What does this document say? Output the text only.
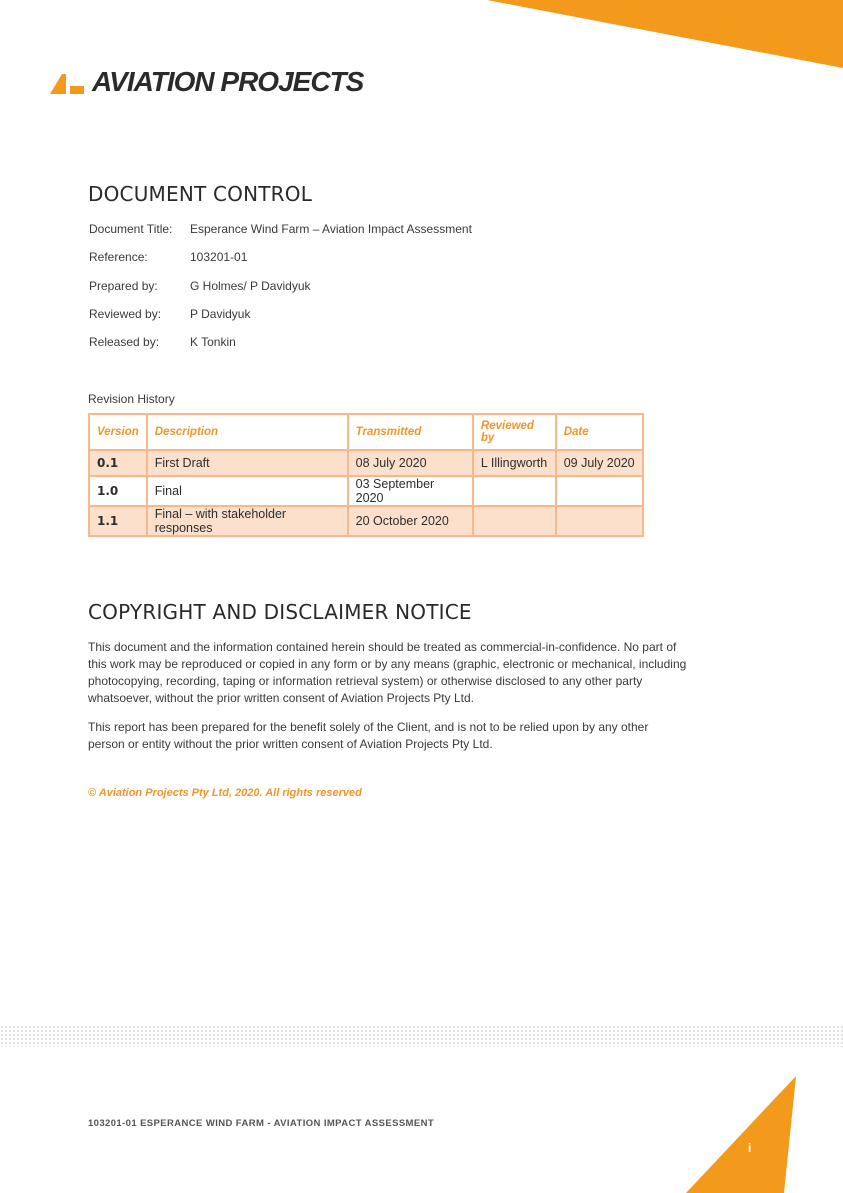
AVIATION PROJECTS
DOCUMENT CONTROL
Document Title: Esperance Wind Farm – Aviation Impact Assessment
Reference:	103201-01
Prepared by:	G Holmes/ P Davidyuk
Reviewed by: P Davidyuk
Released by:	K Tonkin
Revision History
Version	Description	Transmitted	Reviewed by	Date
0.1	First Draft	08 July 2020	L Illingworth	09 July 2020
1.0	Final	03 September 2020		
1.1	Final – with stakeholder responses	20 October 2020		
COPYRIGHT AND DISCLAIMER NOTICE
This document and the information contained herein should be treated as commercial-in-confidence. No part of this work may be reproduced or copied in any form or by any means (graphic, electronic or mechanical, including photocopying, recording, taping or information retrieval system) or otherwise disclosed to any other party whatsoever, without the prior written consent of Aviation Projects Pty Ltd.
This report has been prepared for the benefit solely of the Client, and is not to be relied upon by any other person or entity without the prior written consent of Aviation Projects Pty Ltd.
© Aviation Projects Pty Ltd, 2020. All rights reserved
103201-01 ESPERANCE WIND FARM - AVIATION IMPACT ASSESSMENT
i
